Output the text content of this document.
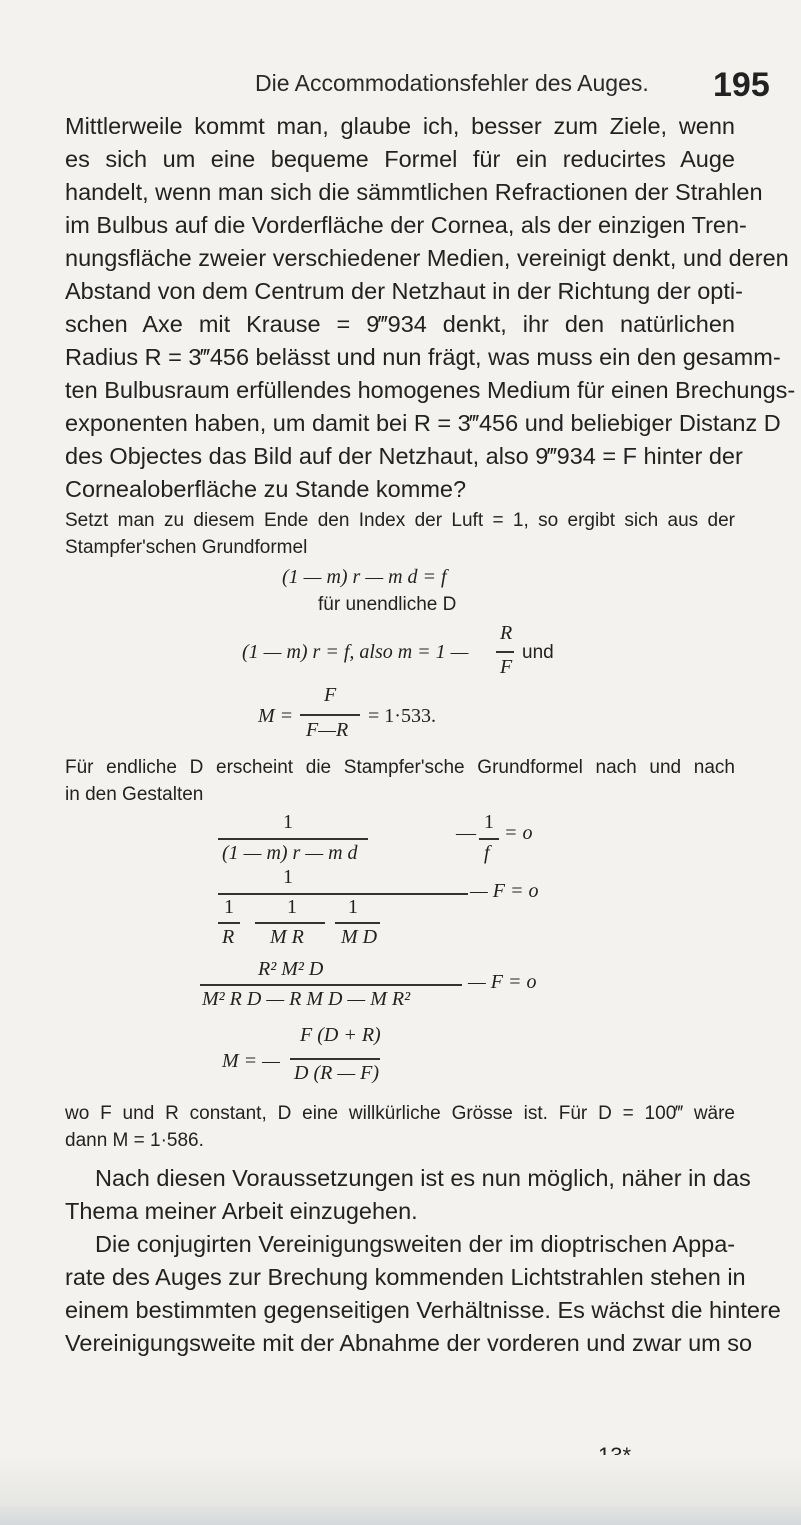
Die Accommodationsfehler des Auges. 195
Mittlerweile kommt man, glaube ich, besser zum Ziele, wenn
es sich um eine bequeme Formel für ein reducirtes Auge
handelt, wenn man sich die sämmtlichen Refractionen der Strahlen
im Bulbus auf die Vorderfläche der Cornea, als der einzigen Tren-
nungsfläche zweier verschiedener Medien, vereinigt denkt, und deren
Abstand von dem Centrum der Netzhaut in der Richtung der opti-
schen Axe mit Krause = 9‴934 denkt, ihr den natürlichen
Radius R = 3‴456 belässt und nun frägt, was muss ein den gesamm-
ten Bulbusraum erfüllendes homogenes Medium für einen Brechungs-
exponenten haben, um damit bei R = 3‴456 und beliebiger Distanz D
des Objectes das Bild auf der Netzhaut, also 9‴934 = F hinter der
Cornealoberfläche zu Stande komme?
Setzt man zu diesem Ende den Index der Luft = 1, so ergibt sich aus der
Stampfer'schen Grundformel
(1 — m) r — m d = f
für unendliche D
(1 — m) r = f, also m = 1 —
R
F
und
M =
F
F—R
= 1·533.
Für endliche D erscheint die Stampfer'sche Grundformel nach und nach
in den Gestalten
1
(1 — m) r — m d
— 1
f
= o
1
1	1	1
R M R M D
— F = o
R² M² D
M² R D — R M D — M R²
— F = o
M = —
F (D + R)
D (R — F)
wo F und R constant, D eine willkürliche Grösse ist. Für D = 100‴ wäre
dann M = 1·586.
Nach diesen Voraussetzungen ist es nun möglich, näher in das
Thema meiner Arbeit einzugehen.
Die conjugirten Vereinigungsweiten der im dioptrischen Appa-
rate des Auges zur Brechung kommenden Lichtstrahlen stehen in
einem bestimmten gegenseitigen Verhältnisse. Es wächst die hintere
Vereinigungsweite mit der Abnahme der vorderen und zwar um so
